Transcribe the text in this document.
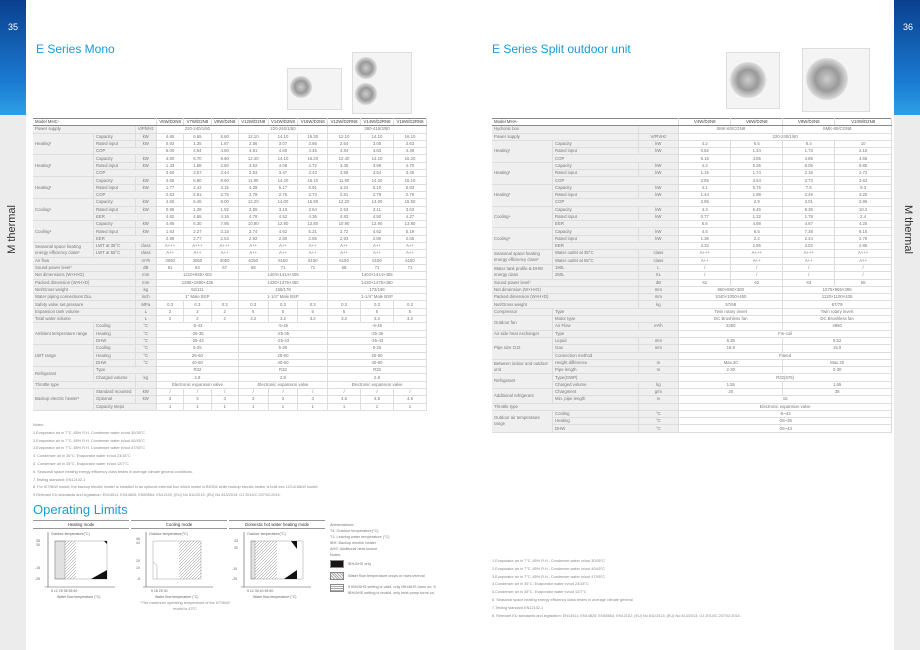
35
M thermal
E Series Mono
Model MHC-			V5W/D2N8	V7W/D2N8	V9W/D2N8	V12W/D2N8	V14W/D2N8	V16W/D2N8	V12W/D2RN8	V14W/D2RN8	V16W/D2RN8
Power supply		V/Ph/Hz	220-240/1/50			220-240/1/50			380-415/3/50		
Heating¹	Capacity	kW	4.65	6.65	8.60	12.10	14.10	16.30	12.10	14.10	16.10
	Rated input	kW	0.93	1.35	1.87	2.56	3.07	3.66	2.54	3.05	3.63
	COP		5.00	4.94	4.60	4.81	4.60	4.45	4.84	4.63	4.49
Heating²	Capacity	kW	4.80	6.70	8.60	12.40	14.10	16.20	12.40	14.10	16.20
	Rated input	kW	1.33	1.88	2.50	3.52	4.06	4.72	3.45	3.99	4.70
	COP		3.60	3.57	3.44	3.53	3.47	3.43	3.59	3.54	3.45
Heating³	Capacity	kW	4.65	6.80	8.60	11.90	14.20	16.10	11.90	14.20	16.10
	Rated input	kW	1.77	2.42	3.15	4.28	5.17	5.91	4.24	5.10	5.83
	COP		2.63	2.81	2.75	2.78	2.75	2.73	2.81	2.79	2.76
Cooling⁴	Capacity	kW	4.60	6.45	8.00	12.20	14.00	15.90	12.20	14.00	15.50
	Rated input	kW	0.95	1.39	1.92	2.55	3.10	3.64	2.53	3.11	3.63
	EER		4.82	4.65	4.16	4.78	4.52	4.36	4.83	4.50	4.27
Cooling⁵	Capacity	kW	4.85	6.30	7.95	10.90	12.90	13.80	10.90	12.90	13.80
	Rated input	kW	1.63	2.27	3.15	3.74	4.62	5.21	3.72	4.62	5.19
	EER		2.98	2.77	2.53	2.92	2.80	2.65	2.93	2.80	2.66
Seasonal space heating energy efficiency class⁶	LWT at 35°C	class	A+++	A+++	A+++	A++	A++	A++	A++	A++	A++
	LWT at 55°C	class	A++	A++	A++	A++	A++	A++	A++	A++	A++
Air flow		m³/h	3050	3050	3050	6150	6150	6150	6150	6150	6150
Sound power level⁷		dB	61	64	67	68	71	71	68	71	71
Net dimensions (W×H×D)		mm	1210×945×402			1404×1414×405			1404×1414×405		
Packed dimension (W×H×D)		mm	1285×1890×435			1430×1475×450			1430×1475×450		
Net/Gross weight		kg	92/111			158/178			173/195		
Water piping connections Dia.		inch	1" Male BSP			1-1/4" Male BSP			1-1/4" Male BSP		
Safety valve set pressure		MPa	0.3	0.3	0.3	0.3	0.3	0.3	0.3	0.3	0.3
Expansion tank volume		L	2	2	2	5	5	5	5	5	5
Total water volume		L	2	2	2	3.2	3.2	3.2	3.2	3.2	3.2
Ambient temperature range	Cooling	°C	-5-43			-5-46			-5-46		
	Heating	°C	-25-35			-25-35			-25-35		
	DHW	°C	-25-43			-25-43			-25-43		
LWT range	Cooling	°C	5-25			5-25			5-25		
	Heating	°C	25-60			25-60			25-60		
	DHW	°C	40-60			40-60			40-60		
Refrigerant	Type		R32			R32			R32		
	Charged volume	kg	2.8			2.8			2.8		
Throttle type			Electronic expansion valve			Electronic expansion valve			Electronic expansion valve		
Backup electric heater⁸	Standard mounted	kW	/	/	/	/	/	/	/	/	/
	Optional	kW	3	3	3	3	3	3	4.5	4.5	4.5
	Capacity steps		1	1	1	1	1	1	1	1	1
Notes:
1.Evaporator air in 7°C, 85% R.H, Condenser water in/out 30/35°C
2.Evaporator air in 7°C, 85% R.H, Condenser water in/out 40/45°C
3.Evaporator air in 7°C, 85% R.H, Condenser water in/out 47/55°C
4. Condenser air in 35°C, Evaporator water in/out 23/18°C
5. Condenser air in 35°C, Evaporator water in/out 12/7°C
6. Seasonal space heating energy efficiency class testes in average climate general conditions.
7.Testing standard: EN12102-1
8. For 5/7/9kW model, the backup electric heater is installed in an optional external box which model is BH304 while backup electric heater is built into 12/14/16kW model.
9.Relevant EU standards and legislation: EN14511; EN14825; EN50564; EN12102; (EU) No 811/2013; (EU) No 813/2013; OJ 2014/C 207/02:2014.
Operating Limits
Heating mode
Outdoor temperature(°C)
35
30
-15
-25
5 12 25 35 55 60
Water flow temperature (°C)
Cooling mode
Outdoor temperature(°C)
46
43
20
10
-5
5 18 25 30
Water flow temperature (°C)
Domestic hot water heating mode
Outdoor temperature(°C)
43
30
-10
-25
5 12 35 40 55 60
Water flow temperature (°C)
*The maximum operating temperature of the 5/7/9kW model is 43°C
Abbreviations:
T4: Outdoor temperature(°C)
T1: Leaving water temperature (°C)
IBH: Backup electric heater
AHS: Additional heat source
Notes:
IBH/AHS only
Water flow temperature drops or rises interval
If IBH/AHS setting is valid, only IBH/AHS turns on; If IBH/AHS setting is invalid, only heat pump turns on.
36
M thermal
E Series Split outdoor unit
Model MHA-			V4W/D2N8	V6W/D2N8	V8W/D2N8	V10W/D2N8
Hydronic box			SMK-60/CGN8		SMK-80/CGN8	
Power supply		V/Ph/Hz	220-240/1/50			
Heating¹	Capacity	kW	4.2	6.5	8.4	10
	Rated input	kW	0.82	1.34	1.73	2.15
	COP		5.15	4.85	4.85	4.65
Heating²	Capacity	kW	4.2	6.35	8.05	9.85
	Rated input	kW	1.15	1.74	2.16	2.72
	COP		3.65	3.64	3.73	3.62
Heating³	Capacity	kW	4.1	5.75	7.5	9.3
	Rated input	kW	1.44	1.98	2.49	3.25
	COP		2.85	2.9	3.01	2.86
Cooling⁴	Capacity	kW	4.3	6.45	8.35	10.2
	Rated input	kW	0.77	1.32	1.79	2.4
	EER		5.6	4.88	4.67	4.25
Cooling⁵	Capacity	kW	4.5	6.5	7.38	8.15
	Rated input	kW	1.36	2.2	2.44	2.76
	EER		3.32	2.95	3.02	2.95
Seasonal space heating energy efficiency class⁶	Water outlet at 35°C	class	A+++	A+++	A+++	A+++
	Water outlet at 55°C	class	A++	A++	A++	A++
Water tank profile & DHW energy class	190L	L	/	/	/	/
	250L	XL	/	/	/	/
Sound power level⁷		dB	61	62	63	65
Net dimension (W×H×D)		mm	960×860×380		1075×965×395	
Packed dimension (W×H×D)		mm	1040×1000×450		1120×1100×435	
Net/Gross weight		kg	57/68		67/79	
Compressor	Type		Twin rotary invert		Twin rotary invert	
Outdoor fan	Motor type		DC Brushless fan		DC Brushless fan	
	Air Flow	m³/h	3250		4950	
Air side heat exchanger	Type		Fin-coil			
Pipe size O.D.	Liquid	mm	6.35		9.52	
	Gas	mm	15.9		15.9	
	Connection method		Flared			
Between indoor and outdoor unit	Height difference	m	Max.20		Max.20	
	Pipe length	m	2-30		2-30	
Refrigerant	Type(GWP)		R32(675)			
	Charged volume	kg	1.55		1.65	
Additional refrigerant	Chargment	g/m	20		38	
	Min. pipe length	m	15			
Throttle type			Electronic expansion valve			
Outdoor air temperature range	Cooling	°C	-5~43			
	Heating	°C	-25~35			
	DHW	°C	-25~43			
1.Evaporator air in 7°C, 85% R.H., Condenser water in/out 30/35°C
2.Evaporator air in 7°C, 85% R.H., Condenser water in/out 40/45°C
3.Evaporator air in 7°C, 85% R.H., Condenser water in/out 47/55°C
4.Condenser air in 35°C, Evaporator water in/out 23/18°C
5.Condenser air in 35°C, Evaporator water in/out 12/7°C
6. Seasonal space heating energy efficiency class testes in average climate general
7.Testing standard EN12102-1
8. Relevant EU standards and legislation: EN14511; EN14825; EN50564; EN12102; (EU) No 811/2013; (EU) No 813/2013; OJ 2014/C 207/02:2014.
